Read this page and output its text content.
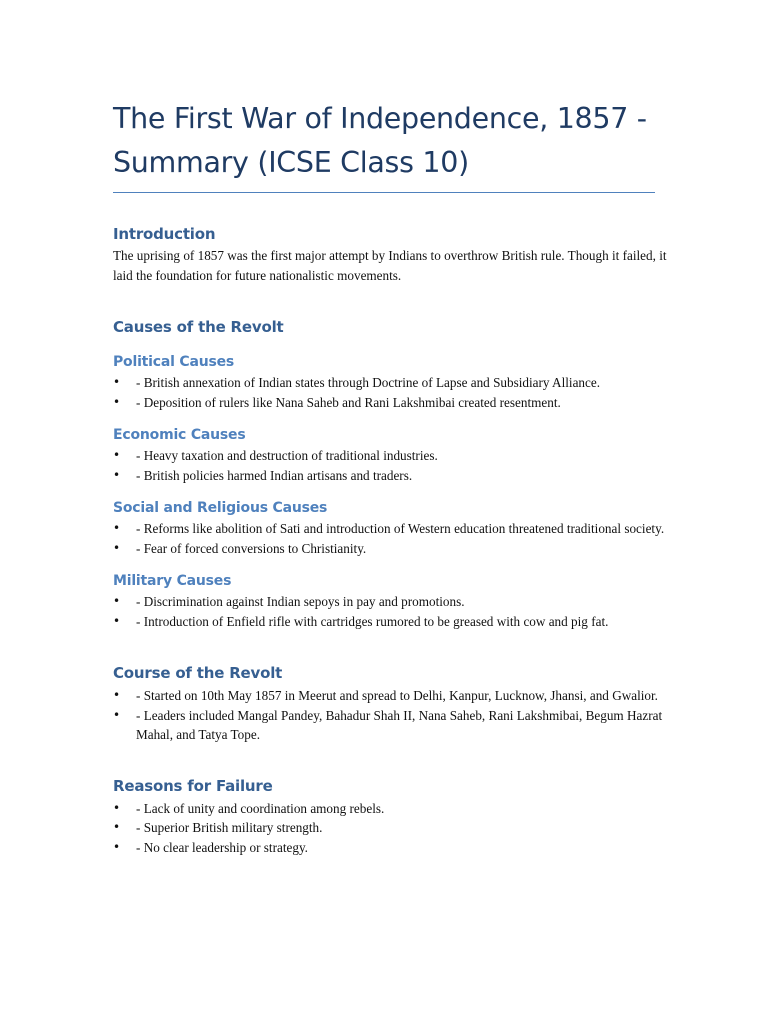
The First War of Independence, 1857 - Summary (ICSE Class 10)
Introduction

The uprising of 1857 was the first major attempt by Indians to overthrow British rule. Though it failed, it laid the foundation for future nationalistic movements.

Causes of the Revolt
Political Causes
• - British annexation of Indian states through Doctrine of Lapse and Subsidiary Alliance.
• - Deposition of rulers like Nana Saheb and Rani Lakshmibai created resentment.
Economic Causes
• - Heavy taxation and destruction of traditional industries.
• - British policies harmed Indian artisans and traders.
Social and Religious Causes
• - Reforms like abolition of Sati and introduction of Western education threatened traditional society.
• - Fear of forced conversions to Christianity.
Military Causes
• - Discrimination against Indian sepoys in pay and promotions.
• - Introduction of Enfield rifle with cartridges rumored to be greased with cow and pig fat.
Course of the Revolt
• - Started on 10th May 1857 in Meerut and spread to Delhi, Kanpur, Lucknow, Jhansi, and Gwalior.
• - Leaders included Mangal Pandey, Bahadur Shah II, Nana Saheb, Rani Lakshmibai, Begum Hazrat Mahal, and Tatya Tope.
Reasons for Failure
• - Lack of unity and coordination among rebels.
• - Superior British military strength.
• - No clear leadership or strategy.
